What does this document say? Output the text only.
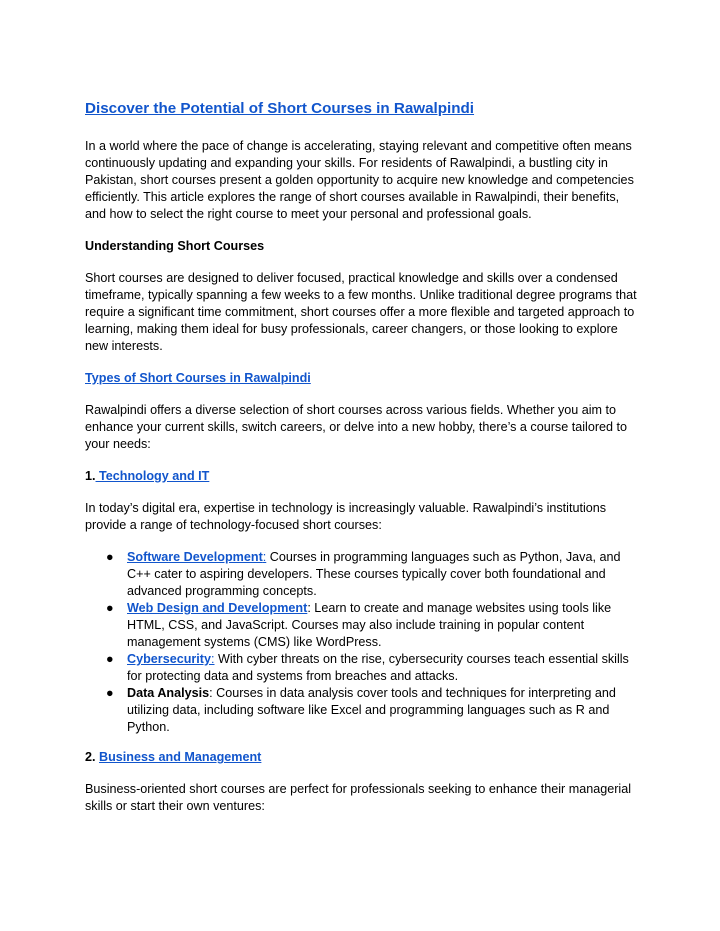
Discover the Potential of Short Courses in Rawalpindi

In a world where the pace of change is accelerating, staying relevant and competitive often means continuously updating and expanding your skills. For residents of Rawalpindi, a bustling city in Pakistan, short courses present a golden opportunity to acquire new knowledge and competencies efficiently. This article explores the range of short courses available in Rawalpindi, their benefits, and how to select the right course to meet your personal and professional goals.

Understanding Short Courses

Short courses are designed to deliver focused, practical knowledge and skills over a condensed timeframe, typically spanning a few weeks to a few months. Unlike traditional degree programs that require a significant time commitment, short courses offer a more flexible and targeted approach to learning, making them ideal for busy professionals, career changers, or those looking to explore new interests.

Types of Short Courses in Rawalpindi

Rawalpindi offers a diverse selection of short courses across various fields. Whether you aim to enhance your current skills, switch careers, or delve into a new hobby, there’s a course tailored to your needs:

1. Technology and IT

In today’s digital era, expertise in technology is increasingly valuable. Rawalpindi’s institutions provide a range of technology-focused short courses:

● Software Development: Courses in programming languages such as Python, Java, and C++ cater to aspiring developers. These courses typically cover both foundational and advanced programming concepts.
● Web Design and Development: Learn to create and manage websites using tools like HTML, CSS, and JavaScript. Courses may also include training in popular content management systems (CMS) like WordPress.
● Cybersecurity: With cyber threats on the rise, cybersecurity courses teach essential skills for protecting data and systems from breaches and attacks.
● Data Analysis: Courses in data analysis cover tools and techniques for interpreting and utilizing data, including software like Excel and programming languages such as R and Python.

2. Business and Management

Business-oriented short courses are perfect for professionals seeking to enhance their managerial skills or start their own ventures:
